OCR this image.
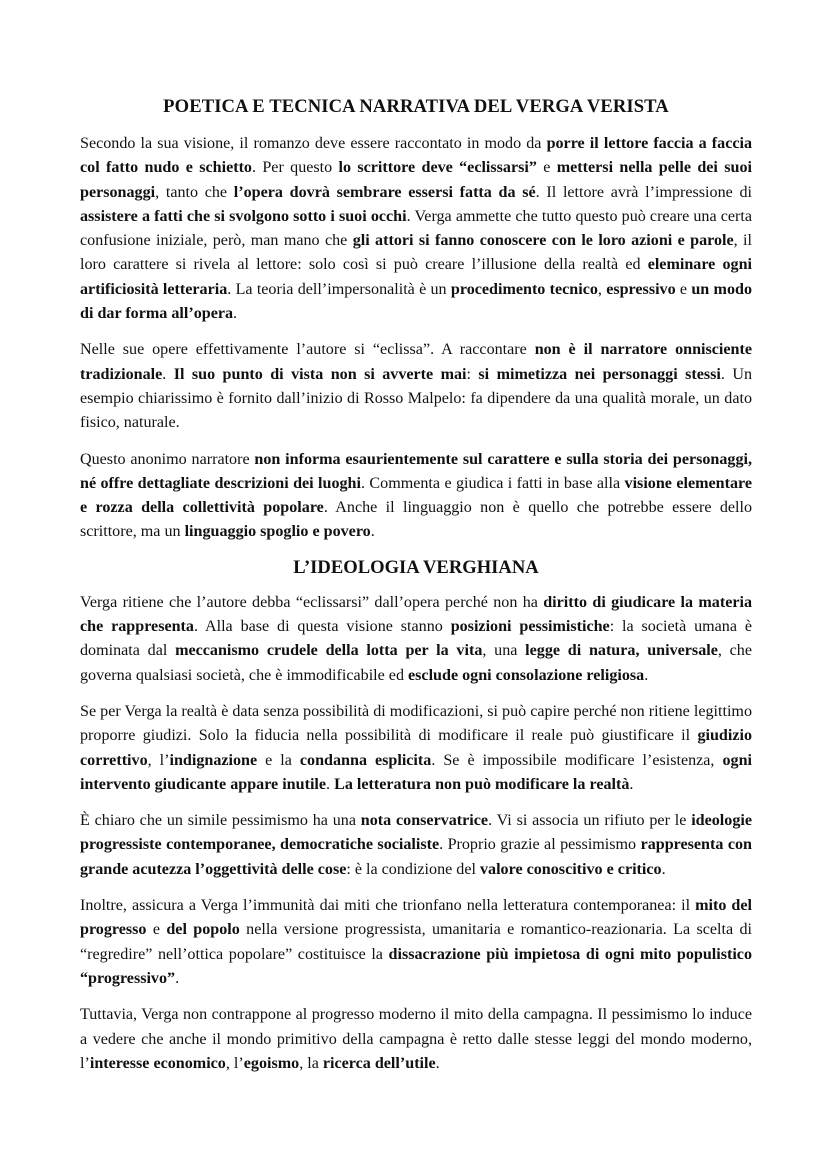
POETICA E TECNICA NARRATIVA DEL VERGA VERISTA

Secondo la sua visione, il romanzo deve essere raccontato in modo da porre il lettore faccia a faccia col fatto nudo e schietto. Per questo lo scrittore deve “eclissarsi” e mettersi nella pelle dei suoi personaggi, tanto che l’opera dovrà sembrare essersi fatta da sé. Il lettore avrà l’impressione di assistere a fatti che si svolgono sotto i suoi occhi. Verga ammette che tutto questo può creare una certa confusione iniziale, però, man mano che gli attori si fanno conoscere con le loro azioni e parole, il loro carattere si rivela al lettore: solo così si può creare l’illusione della realtà ed eleminare ogni artificiosità letteraria. La teoria dell’impersonalità è un procedimento tecnico, espressivo e un modo di dar forma all’opera.

Nelle sue opere effettivamente l’autore si “eclissa”. A raccontare non è il narratore onnisciente tradizionale. Il suo punto di vista non si avverte mai: si mimetizza nei personaggi stessi. Un esempio chiarissimo è fornito dall’inizio di Rosso Malpelo: fa dipendere da una qualità morale, un dato fisico, naturale.

Questo anonimo narratore non informa esaurientemente sul carattere e sulla storia dei personaggi, né offre dettagliate descrizioni dei luoghi. Commenta e giudica i fatti in base alla visione elementare e rozza della collettività popolare. Anche il linguaggio non è quello che potrebbe essere dello scrittore, ma un linguaggio spoglio e povero.

L’IDEOLOGIA VERGHIANA

Verga ritiene che l’autore debba “eclissarsi” dall’opera perché non ha diritto di giudicare la materia che rappresenta. Alla base di questa visione stanno posizioni pessimistiche: la società umana è dominata dal meccanismo crudele della lotta per la vita, una legge di natura, universale, che governa qualsiasi società, che è immodificabile ed esclude ogni consolazione religiosa.

Se per Verga la realtà è data senza possibilità di modificazioni, si può capire perché non ritiene legittimo proporre giudizi. Solo la fiducia nella possibilità di modificare il reale può giustificare il giudizio correttivo, l’indignazione e la condanna esplicita. Se è impossibile modificare l’esistenza, ogni intervento giudicante appare inutile. La letteratura non può modificare la realtà.

È chiaro che un simile pessimismo ha una nota conservatrice. Vi si associa un rifiuto per le ideologie progressiste contemporanee, democratiche socialiste. Proprio grazie al pessimismo rappresenta con grande acutezza l’oggettività delle cose: è la condizione del valore conoscitivo e critico.

Inoltre, assicura a Verga l’immunità dai miti che trionfano nella letteratura contemporanea: il mito del progresso e del popolo nella versione progressista, umanitaria e romantico-reazionaria. La scelta di “regredire” nell’ottica popolare” costituisce la dissacrazione più impietosa di ogni mito populistico “progressivo”.

Tuttavia, Verga non contrappone al progresso moderno il mito della campagna. Il pessimismo lo induce a vedere che anche il mondo primitivo della campagna è retto dalle stesse leggi del mondo moderno, l’interesse economico, l’egoismo, la ricerca dell’utile.
